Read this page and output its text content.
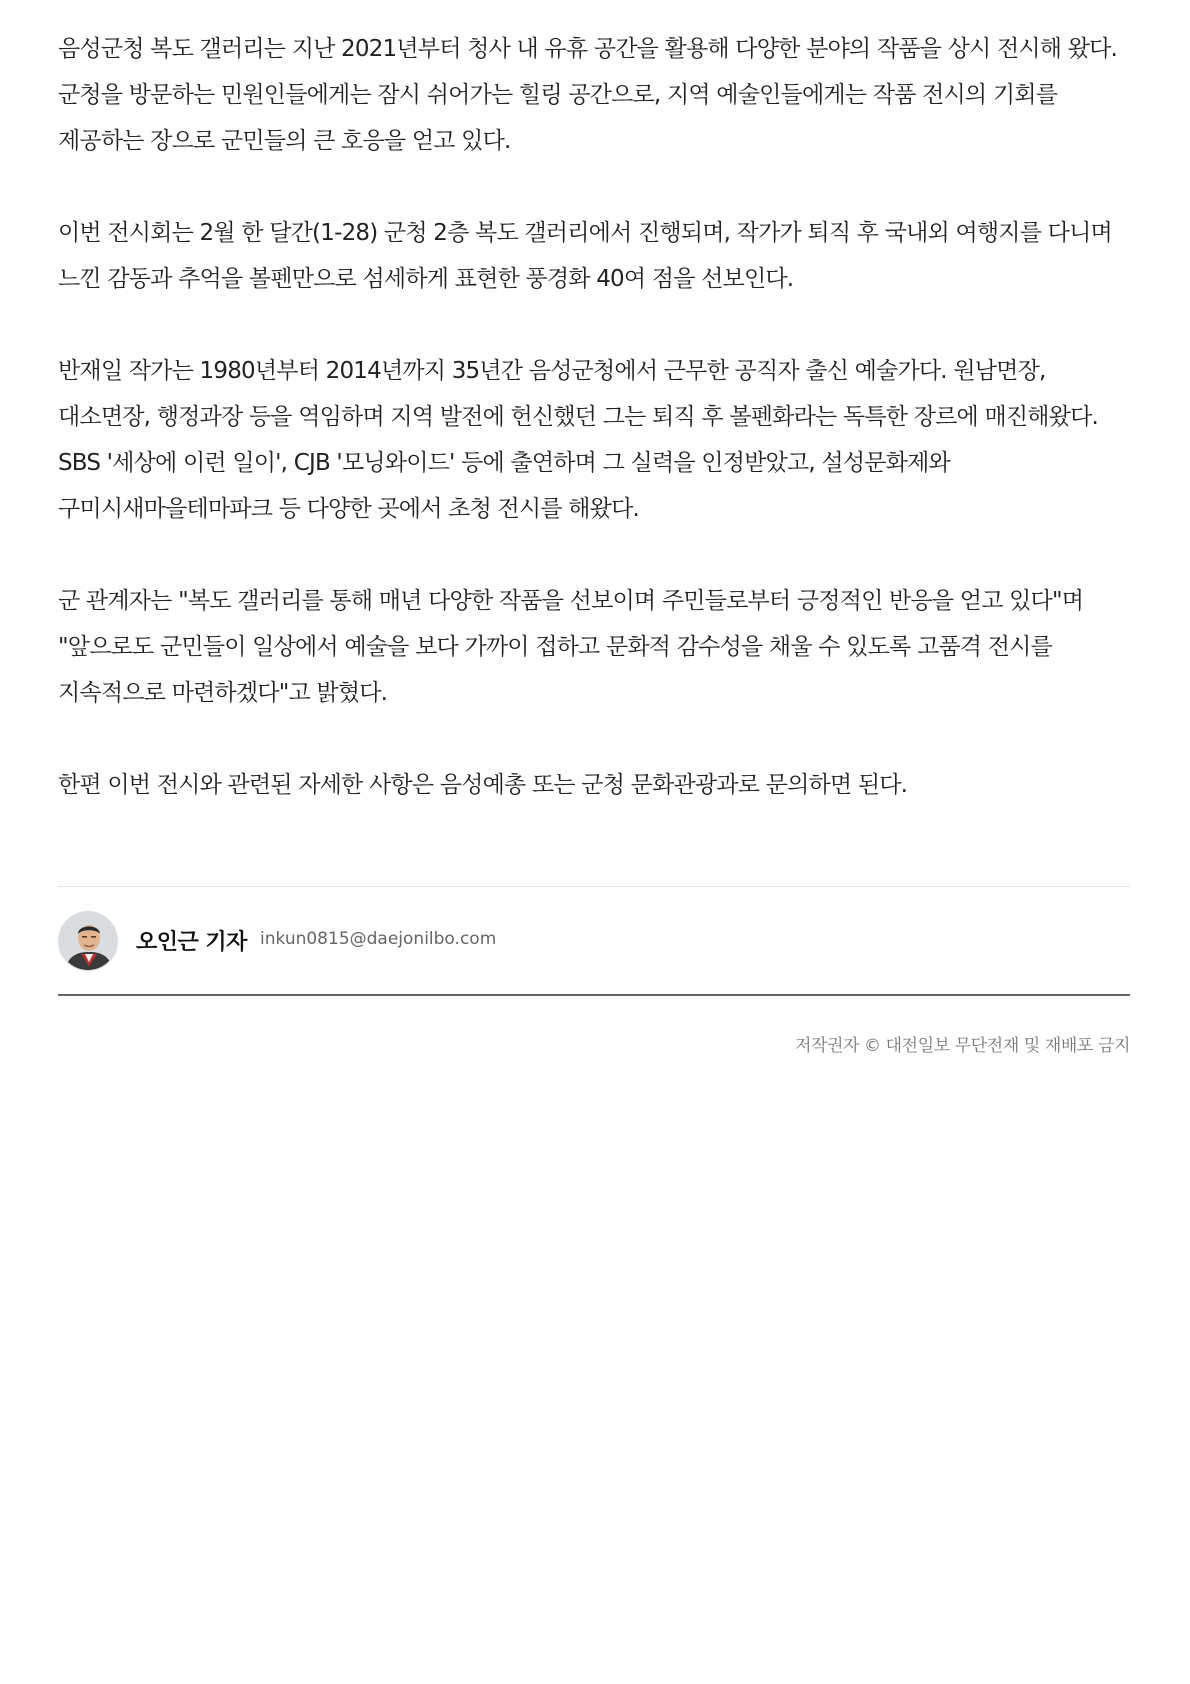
음성군청 복도 갤러리는 지난 2021년부터 청사 내 유휴 공간을 활용해 다양한 분야의 작품을 상시 전시해 왔다. 군청을 방문하는 민원인들에게는 잠시 쉬어가는 힐링 공간으로, 지역 예술인들에게는 작품 전시의 기회를 제공하는 장으로 군민들의 큰 호응을 얻고 있다.

이번 전시회는 2월 한 달간(1-28) 군청 2층 복도 갤러리에서 진행되며, 작가가 퇴직 후 국내외 여행지를 다니며 느낀 감동과 추억을 볼펜만으로 섬세하게 표현한 풍경화 40여 점을 선보인다.

반재일 작가는 1980년부터 2014년까지 35년간 음성군청에서 근무한 공직자 출신 예술가다. 원남면장, 대소면장, 행정과장 등을 역임하며 지역 발전에 헌신했던 그는 퇴직 후 볼펜화라는 독특한 장르에 매진해왔다. SBS '세상에 이런 일이', CJB '모닝와이드' 등에 출연하며 그 실력을 인정받았고, 설성문화제와 구미시새마을테마파크 등 다양한 곳에서 초청 전시를 해왔다.

군 관계자는 "복도 갤러리를 통해 매년 다양한 작품을 선보이며 주민들로부터 긍정적인 반응을 얻고 있다"며 "앞으로도 군민들이 일상에서 예술을 보다 가까이 접하고 문화적 감수성을 채울 수 있도록 고품격 전시를 지속적으로 마련하겠다"고 밝혔다.

한편 이번 전시와 관련된 자세한 사항은 음성예총 또는 군청 문화관광과로 문의하면 된다.

오인근 기자 inkun0815@daejonilbo.com
저작권자 © 대전일보 무단전재 및 재배포 금지
